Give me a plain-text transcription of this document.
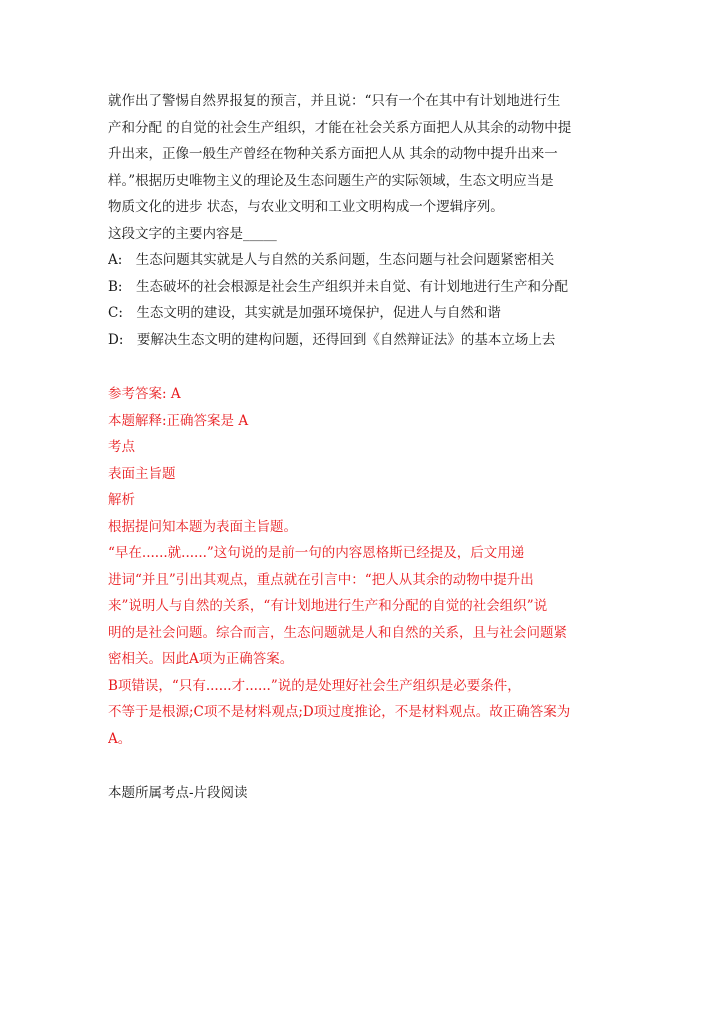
就作出了警惕自然界报复的预言，并且说：“只有一个在其中有计划地进行生
产和分配 的自觉的社会生产组织，才能在社会关系方面把人从其余的动物中提
升出来，正像一般生产曾经在物种关系方面把人从 其余的动物中提升出来一
样。”根据历史唯物主义的理论及生态问题生产的实际领域，生态文明应当是
物质文化的进步 状态，与农业文明和工业文明构成一个逻辑序列。
这段文字的主要内容是_____
A:　生态问题其实就是人与自然的关系问题，生态问题与社会问题紧密相关
B:　生态破坏的社会根源是社会生产组织并未自觉、有计划地进行生产和分配
C:　生态文明的建设，其实就是加强环境保护，促进人与自然和谐
D:　要解决生态文明的建构问题，还得回到《自然辩证法》的基本立场上去
参考答案: A
本题解释:正确答案是 A
考点
表面主旨题
解析
根据提问知本题为表面主旨题。
“早在......就......”这句说的是前一句的内容恩格斯已经提及，后文用递
进词“并且”引出其观点，重点就在引言中：“把人从其余的动物中提升出
来”说明人与自然的关系，“有计划地进行生产和分配的自觉的社会组织”说
明的是社会问题。综合而言，生态问题就是人和自然的关系，且与社会问题紧
密相关。因此A项为正确答案。
B项错误，“只有......才......”说的是处理好社会生产组织是必要条件，
不等于是根源;C项不是材料观点;D项过度推论，不是材料观点。故正确答案为
A。
本题所属考点-片段阅读
